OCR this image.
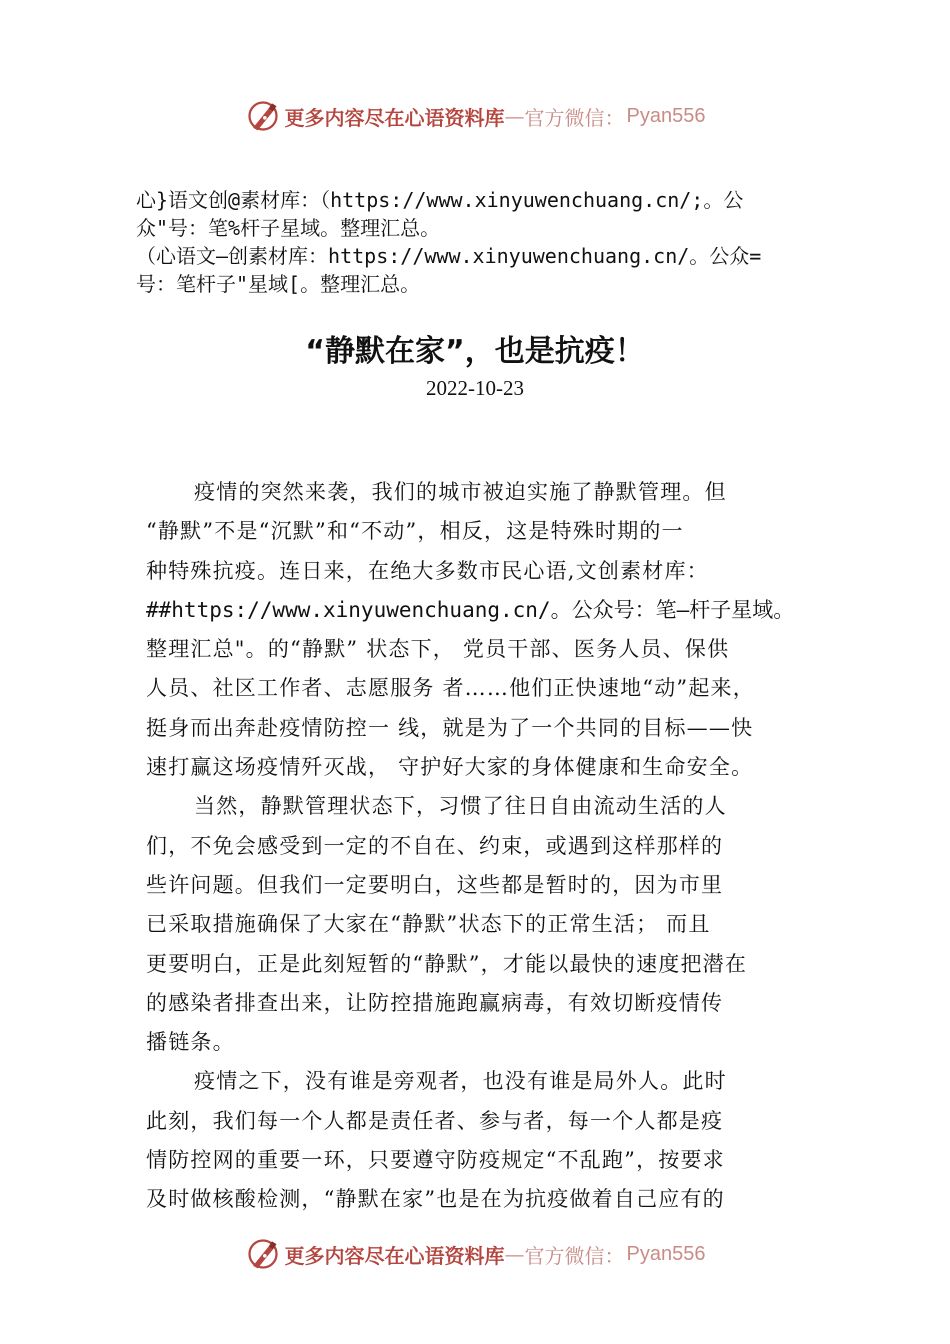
更多内容尽在心语资料库 — 官方微信： Pyan556
心}语文创@素材库：（https://www.xinyuwenchuang.cn/;。公
众"号：笔%杆子星域。整理汇总。
（心语文—创素材库：https://www.xinyuwenchuang.cn/。公众=
号：笔杆子"星域[。整理汇总。
“静默在家”，也是抗疫！
2022-10-23
疫情的突然来袭，我们的城市被迫实施了静默管理。但
“静默”不是“沉默”和“不动”，相反，这是特殊时期的一
种特殊抗疫。连日来，在绝大多数市民心语,文创素材库：
##https://www.xinyuwenchuang.cn/。公众号：笔—杆子星域。
整理汇总"。的“静默” 状态下， 党员干部、医务人员、保供
人员、社区工作者、志愿服务 者……他们正快速地“动”起来，
挺身而出奔赴疫情防控一 线，就是为了一个共同的目标——快
速打赢这场疫情歼灭战， 守护好大家的身体健康和生命安全。
当然，静默管理状态下，习惯了往日自由流动生活的人
们，不免会感受到一定的不自在、约束，或遇到这样那样的
些许问题。但我们一定要明白，这些都是暂时的，因为市里
已采取措施确保了大家在“静默”状态下的正常生活； 而且
更要明白，正是此刻短暂的“静默”，才能以最快的速度把潜在
的感染者排查出来，让防控措施跑赢病毒，有效切断疫情传
播链条。
疫情之下，没有谁是旁观者，也没有谁是局外人。此时
此刻，我们每一个人都是责任者、参与者，每一个人都是疫
情防控网的重要一环，只要遵守防疫规定“不乱跑”，按要求
及时做核酸检测，“静默在家”也是在为抗疫做着自己应有的
更多内容尽在心语资料库 — 官方微信： Pyan556
